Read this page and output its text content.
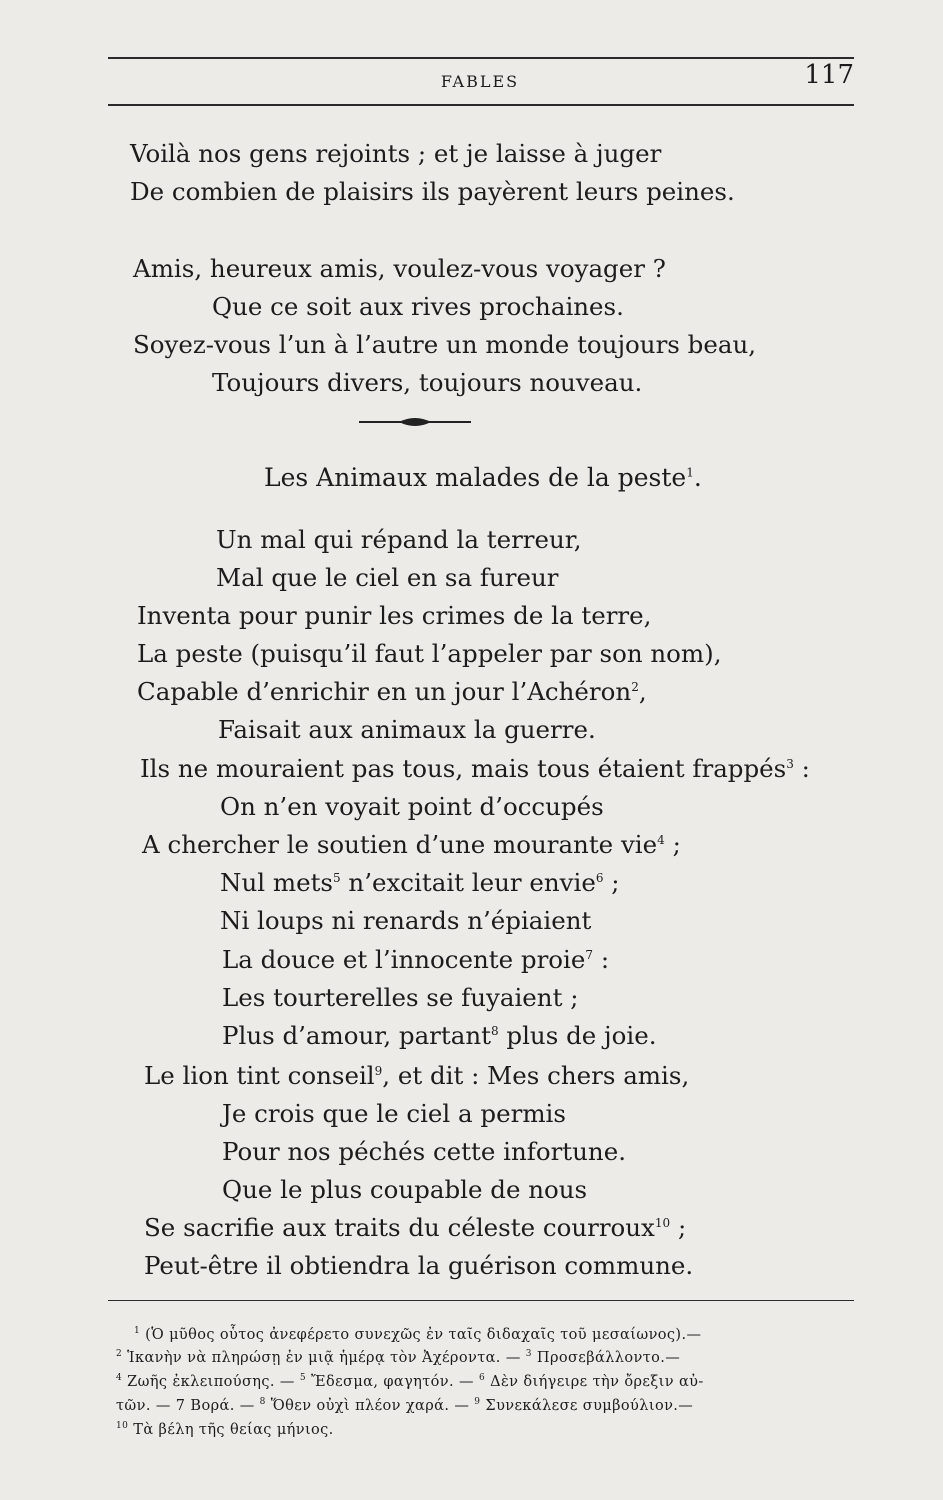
FABLES	117
Voilà nos gens rejoints ; et je laisse à juger
De combien de plaisirs ils payèrent leurs peines.
Amis, heureux amis, voulez-vous voyager ?
Que ce soit aux rives prochaines.
Soyez-vous l’un à l’autre un monde toujours beau,
Toujours divers, toujours nouveau.
Les Animaux malades de la peste$^1$.
Un mal qui répand la terreur,
Mal que le ciel en sa fureur
Inventa pour punir les crimes de la terre,
La peste (puisqu’il faut l’appeler par son nom),
Capable d’enrichir en un jour l’Achéron$^2$,
Faisait aux animaux la guerre.
Ils ne mouraient pas tous, mais tous étaient frappés$^3$ :
On n’en voyait point d’occupés
A chercher le soutien d’une mourante vie$^4$ ;
Nul mets$^5$ n’excitait leur envie$^6$ ;
Ni loups ni renards n’épiaient
La douce et l’innocente proie$^7$ :
Les tourterelles se fuyaient ;
Plus d’amour, partant$^8$ plus de joie.
Le lion tint conseil$^9$, et dit : Mes chers amis,
Je crois que le ciel a permis
Pour nos péchés cette infortune.
Que le plus coupable de nous
Se sacrifie aux traits du céleste courroux$^{10}$ ;
Peut-être il obtiendra la guérison commune.
$^1$ (Ὁ μῦθος οὗτος ἀνεφέρετο συνεχῶς ἐν ταῖς διδαχαῖς τοῦ μεσαίωνος).—
$^2$ Ἱκανὴν νὰ πληρώσῃ ἐν μιᾷ ἡμέρᾳ τὸν Ἀχέροντα. — $^3$ Προσεβάλλοντο.—
$^4$ Ζωῆς ἐκλειπούσης. — $^5$ Ἔδεσμα, φαγητόν. — $^6$ Δὲν διήγειρε τὴν ὄρεξιν αὐ-
τῶν. — 7 Βορά. — $^8$ Ὅθεν οὐχὶ πλέον χαρά. — $^9$ Συνεκάλεσε συμβούλιον.—
$^{10}$ Τὰ βέλη τῆς θείας μήνιος.
